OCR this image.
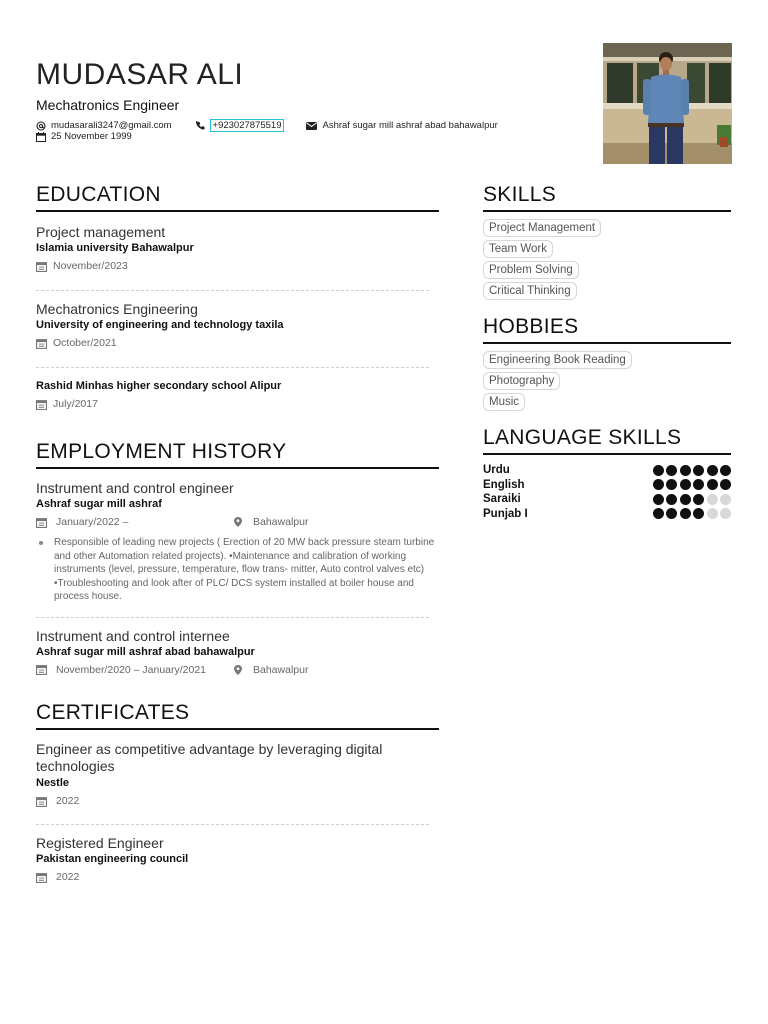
MUDASAR ALI
Mechatronics Engineer
mudasarali3247@gmail.com	+923027875519	Ashraf sugar mill ashraf abad bahawalpur
25 November 1999
EDUCATION
Project management
Islamia university Bahawalpur
November/2023
Mechatronics Engineering
University of engineering and technology taxila
October/2021
Rashid Minhas higher secondary school Alipur
July/2017
EMPLOYMENT HISTORY
Instrument and control engineer
Ashraf sugar mill ashraf
January/2022 –	Bahawalpur
Responsible of leading new projects ( Erection of 20 MW back pressure steam turbine and other Automation related projects). •Maintenance and calibration of working instruments (level, pressure, temperature, flow trans- mitter, Auto control valves etc) •Troubleshooting and look after of PLC/ DCS system installed at boiler house and process house.
Instrument and control internee
Ashraf sugar mill ashraf abad bahawalpur
November/2020 – January/2021	Bahawalpur
CERTIFICATES
Engineer as competitive advantage by leveraging digital technologies
Nestle
2022
Registered Engineer
Pakistan engineering council
2022
SKILLS
Project Management
Team Work
Problem Solving
Critical Thinking
HOBBIES
Engineering Book Reading
Photography
Music
LANGUAGE SKILLS
Urdu
English
Saraiki
Punjab I
